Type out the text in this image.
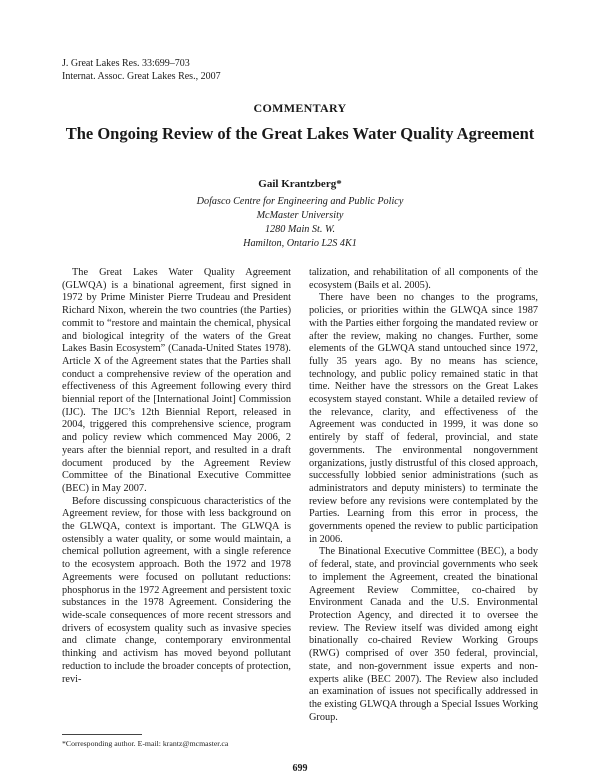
J. Great Lakes Res. 33:699–703
Internat. Assoc. Great Lakes Res., 2007
COMMENTARY
The Ongoing Review of the Great Lakes Water Quality Agreement
Gail Krantzberg*
Dofasco Centre for Engineering and Public Policy
McMaster University
1280 Main St. W.
Hamilton, Ontario L2S 4K1

The Great Lakes Water Quality Agreement (GLWQA) is a binational agreement, first signed in 1972 by Prime Minister Pierre Trudeau and President Richard Nixon, wherein the two countries (the Parties) commit to “restore and maintain the chemical, physical and biological integrity of the waters of the Great Lakes Basin Ecosystem” (Canada-United States 1978). Article X of the Agreement states that the Parties shall conduct a comprehensive review of the operation and effectiveness of this Agreement following every third biennial report of the [International Joint] Commission (IJC). The IJC’s 12th Biennial Report, released in 2004, triggered this comprehensive science, program and policy review which commenced May 2006, 2 years after the biennial report, and resulted in a draft document produced by the Agreement Review Committee of the Binational Executive Committee (BEC) in May 2007.

Before discussing conspicuous characteristics of the Agreement review, for those with less background on the GLWQA, context is important. The GLWQA is ostensibly a water quality, or some would maintain, a chemical pollution agreement, with a single reference to the ecosystem approach. Both the 1972 and 1978 Agreements were focused on pollutant reductions: phosphorus in the 1972 Agreement and persistent toxic substances in the 1978 Agreement. Considering the wide-scale consequences of more recent stressors and drivers of ecosystem quality such as invasive species and climate change, contemporary environmental thinking and activism has moved beyond pollutant reduction to include the broader concepts of protection, revi-

talization, and rehabilitation of all components of the ecosystem (Bails et al. 2005).

There have been no changes to the programs, policies, or priorities within the GLWQA since 1987 with the Parties either forgoing the mandated review or after the review, making no changes. Further, some elements of the GLWQA stand untouched since 1972, fully 35 years ago. By no means has science, technology, and public policy remained static in that time. Neither have the stressors on the Great Lakes ecosystem stayed constant. While a detailed review of the relevance, clarity, and effectiveness of the Agreement was conducted in 1999, it was done so entirely by staff of federal, provincial, and state governments. The environmental nongovernment organizations, justly distrustful of this closed approach, successfully lobbied senior administrations (such as administrators and deputy ministers) to terminate the review before any revisions were contemplated by the Parties. Learning from this error in process, the governments opened the review to public participation in 2006.

The Binational Executive Committee (BEC), a body of federal, state, and provincial governments who seek to implement the Agreement, created the binational Agreement Review Committee, co-chaired by Environment Canada and the U.S. Environmental Protection Agency, and directed it to oversee the review. The Review itself was divided among eight binationally co-chaired Review Working Groups (RWG) comprised of over 350 federal, provincial, state, and non-government issue experts and non-experts alike (BEC 2007). The Review also included an examination of issues not specifically addressed in the existing GLWQA through a Special Issues Working Group.

*Corresponding author. E-mail: krantz@mcmaster.ca
699
